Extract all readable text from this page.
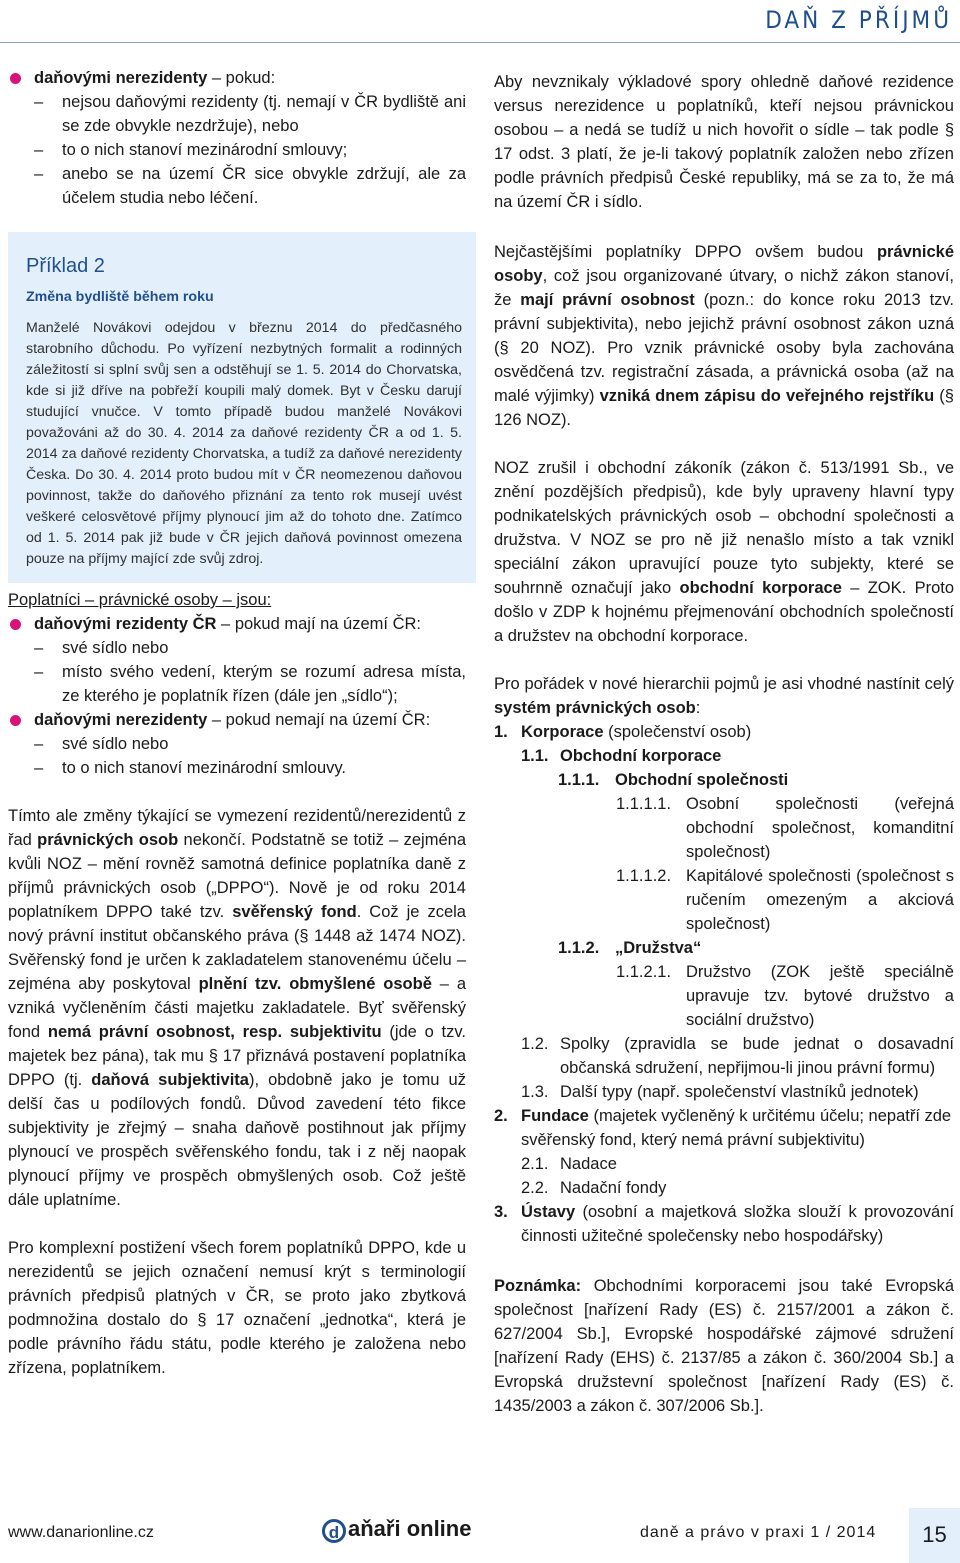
DAŇ Z PŘÍJMŮ
daňovými nerezidenty – pokud:
– nejsou daňovými rezidenty (tj. nemají v ČR bydliště ani se zde obvykle nezdržuje), nebo
– to o nich stanoví mezinárodní smlouvy;
– anebo se na území ČR sice obvykle zdržují, ale za účelem studia nebo léčení.
Příklad 2
Změna bydliště během roku
Manželé Novákovi odejdou v březnu 2014 do předčasného starobního důchodu. Po vyřízení nezbytných formalit a rodinných záležitostí si splní svůj sen a odstěhují se 1. 5. 2014 do Chorvatska, kde si již dříve na pobřeží koupili malý domek. Byt v Česku darují studující vnučce. V tomto případě budou manželé Novákovi považováni až do 30. 4. 2014 za daňové rezidenty ČR a od 1. 5. 2014 za daňové rezidenty Chorvatska, a tudíž za daňové nerezidenty Česka. Do 30. 4. 2014 proto budou mít v ČR neomezenou daňovou povinnost, takže do daňového přiznání za tento rok musejí uvést veškeré celosvětové příjmy plynoucí jim až do tohoto dne. Zatímco od 1. 5. 2014 pak již bude v ČR jejich daňová povinnost omezena pouze na příjmy mající zde svůj zdroj.
Poplatníci – právnické osoby – jsou:
daňovými rezidenty ČR – pokud mají na území ČR:
– své sídlo nebo
– místo svého vedení, kterým se rozumí adresa místa, ze kterého je poplatník řízen (dále jen „sídlo“);
daňovými nerezidenty – pokud nemají na území ČR:
– své sídlo nebo
– to o nich stanoví mezinárodní smlouvy.

Tímto ale změny týkající se vymezení rezidentů/nerezidentů z řad právnických osob nekončí. Podstatně se totiž – zejména kvůli NOZ – mění rovněž samotná definice poplatníka daně z příjmů právnických osob („DPPO“). Nově je od roku 2014 poplatníkem DPPO také tzv. svěřenský fond. Což je zcela nový právní institut občanského práva (§ 1448 až 1474 NOZ). Svěřenský fond je určen k zakladatelem stanovenému účelu – zejména aby poskytoval plnění tzv. obmyšlené osobě – a vzniká vyčleněním části majetku zakladatele. Byť svěřenský fond nemá právní osobnost, resp. subjektivitu (jde o tzv. majetek bez pána), tak mu § 17 přiznává postavení poplatníka DPPO (tj. daňová subjektivita), obdobně jako je tomu už delší čas u podílových fondů. Důvod zavedení této fikce subjektivity je zřejmý – snaha daňově postihnout jak příjmy plynoucí ve prospěch svěřenského fondu, tak i z něj naopak plynoucí příjmy ve prospěch obmyšlených osob. Což ještě dále uplatníme.

Pro komplexní postižení všech forem poplatníků DPPO, kde u nerezidentů se jejich označení nemusí krýt s terminologií právních předpisů platných v ČR, se proto jako zbytková podmnožina dostalo do § 17 označení „jednotka“, která je podle právního řádu státu, podle kterého je založena nebo zřízena, poplatníkem.

Aby nevznikaly výkladové spory ohledně daňové rezidence versus nerezidence u poplatníků, kteří nejsou právnickou osobou – a nedá se tudíž u nich hovořit o sídle – tak podle § 17 odst. 3 platí, že je-li takový poplatník založen nebo zřízen podle právních předpisů České republiky, má se za to, že má na území ČR i sídlo.

Nejčastějšími poplatníky DPPO ovšem budou právnické osoby, což jsou organizované útvary, o nichž zákon stanoví, že mají právní osobnost (pozn.: do konce roku 2013 tzv. právní subjektivita), nebo jejichž právní osobnost zákon uzná (§ 20 NOZ). Pro vznik právnické osoby byla zachována osvědčená tzv. registrační zásada, a právnická osoba (až na malé výjimky) vzniká dnem zápisu do veřejného rejstříku (§ 126 NOZ).

NOZ zrušil i obchodní zákoník (zákon č. 513/1991 Sb., ve znění pozdějších předpisů), kde byly upraveny hlavní typy podnikatelských právnických osob – obchodní společnosti a družstva. V NOZ se pro ně již nenašlo místo a tak vznikl speciální zákon upravující pouze tyto subjekty, které se souhrnně označují jako obchodní korporace – ZOK. Proto došlo v ZDP k hojnému přejmenování obchodních společností a družstev na obchodní korporace.

Pro pořádek v nové hierarchii pojmů je asi vhodné nastínit celý systém právnických osob:

1. Korporace (společenství osob)
1.1. Obchodní korporace
1.1.1. Obchodní společnosti
1.1.1.1. Osobní společnosti (veřejná obchodní společnost, komanditní společnost)
1.1.1.2. Kapitálové společnosti (společnost s ručením omezeným a akciová společnost)
1.1.2. „Družstva“
1.1.2.1. Družstvo (ZOK ještě speciálně upravuje tzv. bytové družstvo a sociální družstvo)
1.2. Spolky (zpravidla se bude jednat o dosavadní občanská sdružení, nepřijmou-li jinou právní formu)
1.3. Další typy (např. společenství vlastníků jednotek)
2. Fundace (majetek vyčleněný k určitému účelu; nepatří zde svěřenský fond, který nemá právní subjektivitu)
2.1. Nadace
2.2. Nadační fondy
3. Ústavy (osobní a majetková složka slouží k provozování činnosti užitečné společensky nebo hospodářsky)

Poznámka: Obchodními korporacemi jsou také Evropská společnost [nařízení Rady (ES) č. 2157/2001 a zákon č. 627/2004 Sb.], Evropské hospodářské zájmové sdružení [nařízení Rady (EHS) č. 2137/85 a zákon č. 360/2004 Sb.] a Evropská družstevní společnost [nařízení Rady (ES) č. 1435/2003 a zákon č. 307/2006 Sb.].

www.danarionline.cz	d aňaři online	daně a právo v praxi 1 / 2014	15
